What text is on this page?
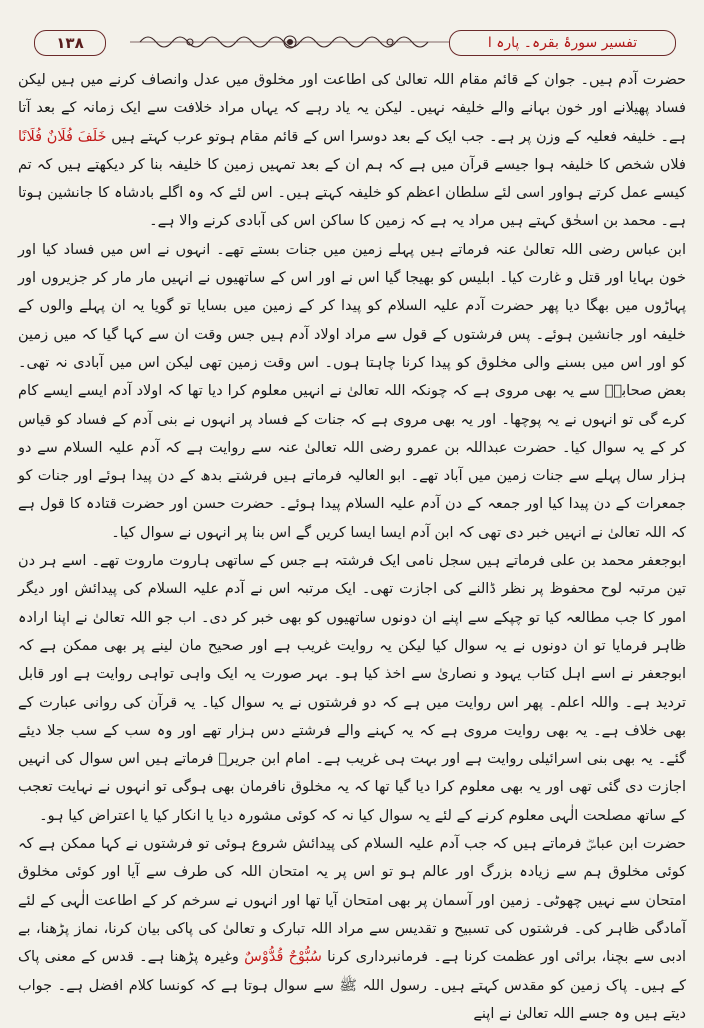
۱۳۸	تفسیر سورۂ بقرہ۔ پارہ ا

حضرت آدم ہیں۔ جوان کے قائم مقام اللہ تعالیٰ کی اطاعت اور مخلوق میں عدل وانصاف کرنے میں ہیں لیکن فساد پھیلانے اور خون بہانے والے خلیفہ نہیں۔ لیکن یہ یاد رہے کہ یہاں مراد خلافت سے ایک زمانہ کے بعد آتا ہے۔ خلیفہ فعلیہ کے وزن پر ہے۔ جب ایک کے بعد دوسرا اس کے قائم مقام ہوتو عرب کہتے ہیں خَلَفَ فُلَانٌ فُلَانًا فلاں شخص کا خلیفہ ہوا جیسے قرآن میں ہے کہ ہم ان کے بعد تمہیں زمین کا خلیفہ بنا کر دیکھتے ہیں کہ تم کیسے عمل کرتے ہواور اسی لئے سلطان اعظم کو خلیفہ کہتے ہیں۔ اس لئے کہ وہ اگلے بادشاہ کا جانشین ہوتا ہے۔ محمد بن اسحٰق کہتے ہیں مراد یہ ہے کہ زمین کا ساکن اس کی آبادی کرنے والا ہے۔

ابن عباس رضی اللہ تعالیٰ عنہ فرماتے ہیں پہلے زمین میں جنات بستے تھے۔ انہوں نے اس میں فساد کیا اور خون بہایا اور قتل و غارت کیا۔ ابلیس کو بھیجا گیا اس نے اور اس کے ساتھیوں نے انہیں مار مار کر جزیروں اور پہاڑوں میں بھگا دیا پھر حضرت آدم علیہ السلام کو پیدا کر کے زمین میں بسایا تو گویا یہ ان پہلے والوں کے خلیفہ اور جانشین ہوئے۔ پس فرشتوں کے قول سے مراد اولاد آدم ہیں جس وقت ان سے کہا گیا کہ میں زمین کو اور اس میں بسنے والی مخلوق کو پیدا کرنا چاہتا ہوں۔ اس وقت زمین تھی لیکن اس میں آبادی نہ تھی۔ بعض صحابہؓ سے یہ بھی مروی ہے کہ چونکہ اللہ تعالیٰ نے انہیں معلوم کرا دیا تھا کہ اولاد آدم ایسے ایسے کام کرے گی تو انہوں نے یہ پوچھا۔ اور یہ بھی مروی ہے کہ جنات کے فساد پر انہوں نے بنی آدم کے فساد کو قیاس کر کے یہ سوال کیا۔ حضرت عبداللہ بن عمرو رضی اللہ تعالیٰ عنہ سے روایت ہے کہ آدم علیہ السلام سے دو ہزار سال پہلے سے جنات زمین میں آباد تھے۔ ابو العالیہ فرماتے ہیں فرشتے بدھ کے دن پیدا ہوئے اور جنات کو جمعرات کے دن پیدا کیا اور جمعہ کے دن آدم علیہ السلام پیدا ہوئے۔ حضرت حسن اور حضرت قتادہ کا قول ہے کہ اللہ تعالیٰ نے انہیں خبر دی تھی کہ ابن آدم ایسا ایسا کریں گے اس بنا پر انہوں نے سوال کیا۔

ابوجعفر محمد بن علی فرماتے ہیں سجل نامی ایک فرشتہ ہے جس کے ساتھی ہاروت ماروت تھے۔ اسے ہر دن تین مرتبہ لوح محفوظ پر نظر ڈالنے کی اجازت تھی۔ ایک مرتبہ اس نے آدم علیہ السلام کی پیدائش اور دیگر امور کا جب مطالعہ کیا تو چپکے سے اپنے ان دونوں ساتھیوں کو بھی خبر کر دی۔ اب جو اللہ تعالیٰ نے اپنا ارادہ ظاہر فرمایا تو ان دونوں نے یہ سوال کیا لیکن یہ روایت غریب ہے اور صحیح مان لینے پر بھی ممکن ہے کہ ابوجعفر نے اسے اہل کتاب یہود و نصاریٰ سے اخذ کیا ہو۔ بہر صورت یہ ایک واہی تواہی روایت ہے اور قابل تردید ہے۔ واللہ اعلم۔ پھر اس روایت میں ہے کہ دو فرشتوں نے یہ سوال کیا۔ یہ قرآن کی روانی عبارت کے بھی خلاف ہے۔ یہ بھی روایت مروی ہے کہ یہ کہنے والے فرشتے دس ہزار تھے اور وہ سب کے سب جلا دیئے گئے۔ یہ بھی بنی اسرائیلی روایت ہے اور بہت ہی غریب ہے۔ امام ابن جریرؒ فرماتے ہیں اس سوال کی انہیں اجازت دی گئی تھی اور یہ بھی معلوم کرا دیا گیا تھا کہ یہ مخلوق نافرمان بھی ہوگی تو انہوں نے نہایت تعجب کے ساتھ مصلحت الٰہی معلوم کرنے کے لئے یہ سوال کیا نہ کہ کوئی مشورہ دیا یا انکار کیا یا اعتراض کیا ہو۔

حضرت ابن عباسؓ فرماتے ہیں کہ جب آدم علیہ السلام کی پیدائش شروع ہوئی تو فرشتوں نے کہا ممکن ہے کہ کوئی مخلوق ہم سے زیادہ بزرگ اور عالم ہو تو اس پر یہ امتحان اللہ کی طرف سے آیا اور کوئی مخلوق امتحان سے نہیں چھوٹی۔ زمین اور آسمان پر بھی امتحان آیا تھا اور انہوں نے سرخم کر کے اطاعت الٰہی کے لئے آمادگی ظاہر کی۔ فرشتوں کی تسبیح و تقدیس سے مراد اللہ تبارک و تعالیٰ کی پاکی بیان کرنا، نماز پڑھنا، بے ادبی سے بچنا، برائی اور عظمت کرنا ہے۔ فرمانبرداری کرنا سُبُّوْحٌ قُدُّوْسٌ وغیرہ پڑھنا ہے۔ قدس کے معنی پاک کے ہیں۔ پاک زمین کو مقدس کہتے ہیں۔ رسول اللہ ﷺ سے سوال ہوتا ہے کہ کونسا کلام افضل ہے۔ جواب دیتے ہیں وہ جسے اللہ تعالیٰ نے اپنے
